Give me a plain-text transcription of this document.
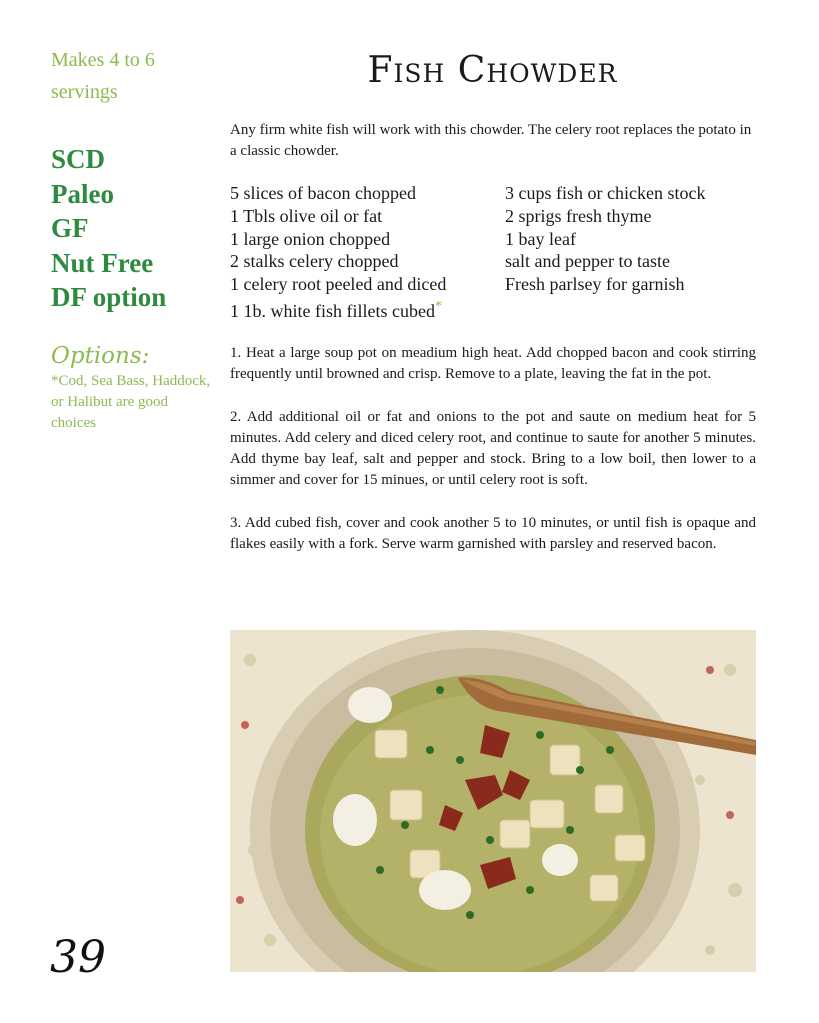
Makes 4 to 6 servings

SCD
Paleo
GF
Nut Free
DF option
Options:
*Cod, Sea Bass, Haddock, or Halibut are good choices
39
Fish Chowder
Any firm white fish will work with this chowder. The celery root replaces the potato in a classic chowder.
5 slices of bacon chopped
1 Tbls olive oil or fat
1 large onion chopped
2 stalks celery chopped
1 celery root peeled and diced
1 1b. white fish fillets cubed*
3 cups fish or chicken stock
2 sprigs fresh thyme
1 bay leaf
salt and pepper to taste
Fresh parlsey for garnish

1. Heat a large soup pot on meadium high heat. Add chopped bacon and cook stirring frequently until browned and crisp. Remove to a plate, leaving the fat in the pot.

2. Add additional oil or fat and onions to the pot and saute on medium heat for 5 minutes. Add celery and diced celery root, and continue to saute for another 5 minutes. Add thyme bay leaf, salt and pepper and stock. Bring to a low boil, then lower to a simmer and cover for 15 minues, or until celery root is soft.

3. Add cubed fish, cover and cook another 5 to 10 minutes, or until fish is opaque and flakes easily with a fork. Serve warm garnished with parsley and reserved bacon.
